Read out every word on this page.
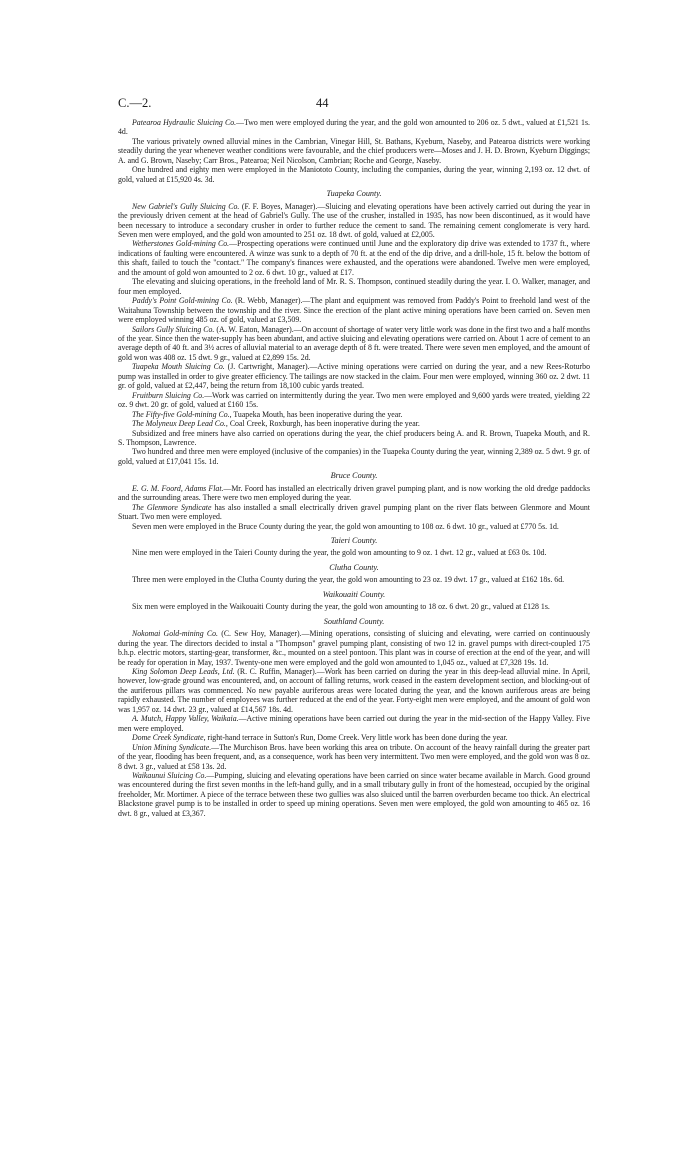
C.—2.	44

Patearoa Hydraulic Sluicing Co.—Two men were employed during the year, and the gold won amounted to 206 oz. 5 dwt., valued at £1,521 1s. 4d.

The various privately owned alluvial mines in the Cambrian, Vinegar Hill, St. Bathans, Kyeburn, Naseby, and Patearoa districts were working steadily during the year whenever weather conditions were favourable, and the chief producers were—Moses and J. H. D. Brown, Kyeburn Diggings; A. and G. Brown, Naseby; Carr Bros., Patearoa; Neil Nicolson, Cambrian; Roche and George, Naseby.

One hundred and eighty men were employed in the Maniototo County, including the companies, during the year, winning 2,193 oz. 12 dwt. of gold, valued at £15,920 4s. 3d.

Tuapeka County.

New Gabriel's Gully Sluicing Co. (F. F. Boyes, Manager).—Sluicing and elevating operations have been actively carried out during the year in the previously driven cement at the head of Gabriel's Gully. The use of the crusher, installed in 1935, has now been discontinued, as it would have been necessary to introduce a secondary crusher in order to further reduce the cement to sand. The remaining cement conglomerate is very hard. Seven men were employed, and the gold won amounted to 251 oz. 18 dwt. of gold, valued at £2,005.

Wetherstones Gold-mining Co.—Prospecting operations were continued until June and the exploratory dip drive was extended to 1737 ft., where indications of faulting were encountered. A winze was sunk to a depth of 70 ft. at the end of the dip drive, and a drill-hole, 15 ft. below the bottom of this shaft, failed to touch the "contact." The company's finances were exhausted, and the operations were abandoned. Twelve men were employed, and the amount of gold won amounted to 2 oz. 6 dwt. 10 gr., valued at £17.

The elevating and sluicing operations, in the freehold land of Mr. R. S. Thompson, continued steadily during the year. I. O. Walker, manager, and four men employed.

Paddy's Point Gold-mining Co. (R. Webb, Manager).—The plant and equipment was removed from Paddy's Point to freehold land west of the Waitahuna Township between the township and the river. Since the erection of the plant active mining operations have been carried on. Seven men were employed winning 485 oz. of gold, valued at £3,509.

Sailors Gully Sluicing Co. (A. W. Eaton, Manager).—On account of shortage of water very little work was done in the first two and a half months of the year. Since then the water-supply has been abundant, and active sluicing and elevating operations were carried on. About 1 acre of cement to an average depth of 40 ft. and 3½ acres of alluvial material to an average depth of 8 ft. were treated. There were seven men employed, and the amount of gold won was 408 oz. 15 dwt. 9 gr., valued at £2,899 15s. 2d.

Tuapeka Mouth Sluicing Co. (J. Cartwright, Manager).—Active mining operations were carried on during the year, and a new Rees-Roturbo pump was installed in order to give greater efficiency. The tailings are now stacked in the claim. Four men were employed, winning 360 oz. 2 dwt. 11 gr. of gold, valued at £2,447, being the return from 18,100 cubic yards treated.

Fruitburn Sluicing Co.—Work was carried on intermittently during the year. Two men were employed and 9,600 yards were treated, yielding 22 oz. 9 dwt. 20 gr. of gold, valued at £160 15s.

The Fifty-five Gold-mining Co., Tuapeka Mouth, has been inoperative during the year.

The Molyneux Deep Lead Co., Coal Creek, Roxburgh, has been inoperative during the year.

Subsidized and free miners have also carried on operations during the year, the chief producers being A. and R. Brown, Tuapeka Mouth, and R. S. Thompson, Lawrence.

Two hundred and three men were employed (inclusive of the companies) in the Tuapeka County during the year, winning 2,389 oz. 5 dwt. 9 gr. of gold, valued at £17,041 15s. 1d.

Bruce County.

E. G. M. Foord, Adams Flat.—Mr. Foord has installed an electrically driven gravel pumping plant, and is now working the old dredge paddocks and the surrounding areas. There were two men employed during the year.

The Glenmore Syndicate has also installed a small electrically driven gravel pumping plant on the river flats between Glenmore and Mount Stuart. Two men were employed.

Seven men were employed in the Bruce County during the year, the gold won amounting to 108 oz. 6 dwt. 10 gr., valued at £770 5s. 1d.

Taieri County.

Nine men were employed in the Taieri County during the year, the gold won amounting to 9 oz. 1 dwt. 12 gr., valued at £63 0s. 10d.

Clutha County.

Three men were employed in the Clutha County during the year, the gold won amounting to 23 oz. 19 dwt. 17 gr., valued at £162 18s. 6d.

Waikouaiti County.

Six men were employed in the Waikouaiti County during the year, the gold won amounting to 18 oz. 6 dwt. 20 gr., valued at £128 1s.

Southland County.

Nokomai Gold-mining Co. (C. Sew Hoy, Manager).—Mining operations, consisting of sluicing and elevating, were carried on continuously during the year. The directors decided to instal a "Thompson" gravel pumping plant, consisting of two 12 in. gravel pumps with direct-coupled 175 b.h.p. electric motors, starting-gear, transformer, &c., mounted on a steel pontoon. This plant was in course of erection at the end of the year, and will be ready for operation in May, 1937. Twenty-one men were employed and the gold won amounted to 1,045 oz., valued at £7,328 19s. 1d.

King Solomon Deep Leads, Ltd. (R. C. Ruffin, Manager).—Work has been carried on during the year in this deep-lead alluvial mine. In April, however, low-grade ground was encountered, and, on account of falling returns, work ceased in the eastern development section, and blocking-out of the auriferous pillars was commenced. No new payable auriferous areas were located during the year, and the known auriferous areas are being rapidly exhausted. The number of employees was further reduced at the end of the year. Forty-eight men were employed, and the amount of gold won was 1,957 oz. 14 dwt. 23 gr., valued at £14,567 18s. 4d.

A. Mutch, Happy Valley, Waikaia.—Active mining operations have been carried out during the year in the mid-section of the Happy Valley. Five men were employed.

Dome Creek Syndicate, right-hand terrace in Sutton's Run, Dome Creek. Very little work has been done during the year.

Union Mining Syndicate.—The Murchison Bros. have been working this area on tribute. On account of the heavy rainfall during the greater part of the year, flooding has been frequent, and, as a consequence, work has been very intermittent. Two men were employed, and the gold won was 8 oz. 8 dwt. 3 gr., valued at £58 13s. 2d.

Waikaunui Sluicing Co.—Pumping, sluicing and elevating operations have been carried on since water became available in March. Good ground was encountered during the first seven months in the left-hand gully, and in a small tributary gully in front of the homestead, occupied by the original freeholder, Mr. Mortimer. A piece of the terrace between these two gullies was also sluiced until the barren overburden became too thick. An electrical Blackstone gravel pump is to be installed in order to speed up mining operations. Seven men were employed, the gold won amounting to 465 oz. 16 dwt. 8 gr., valued at £3,367.
